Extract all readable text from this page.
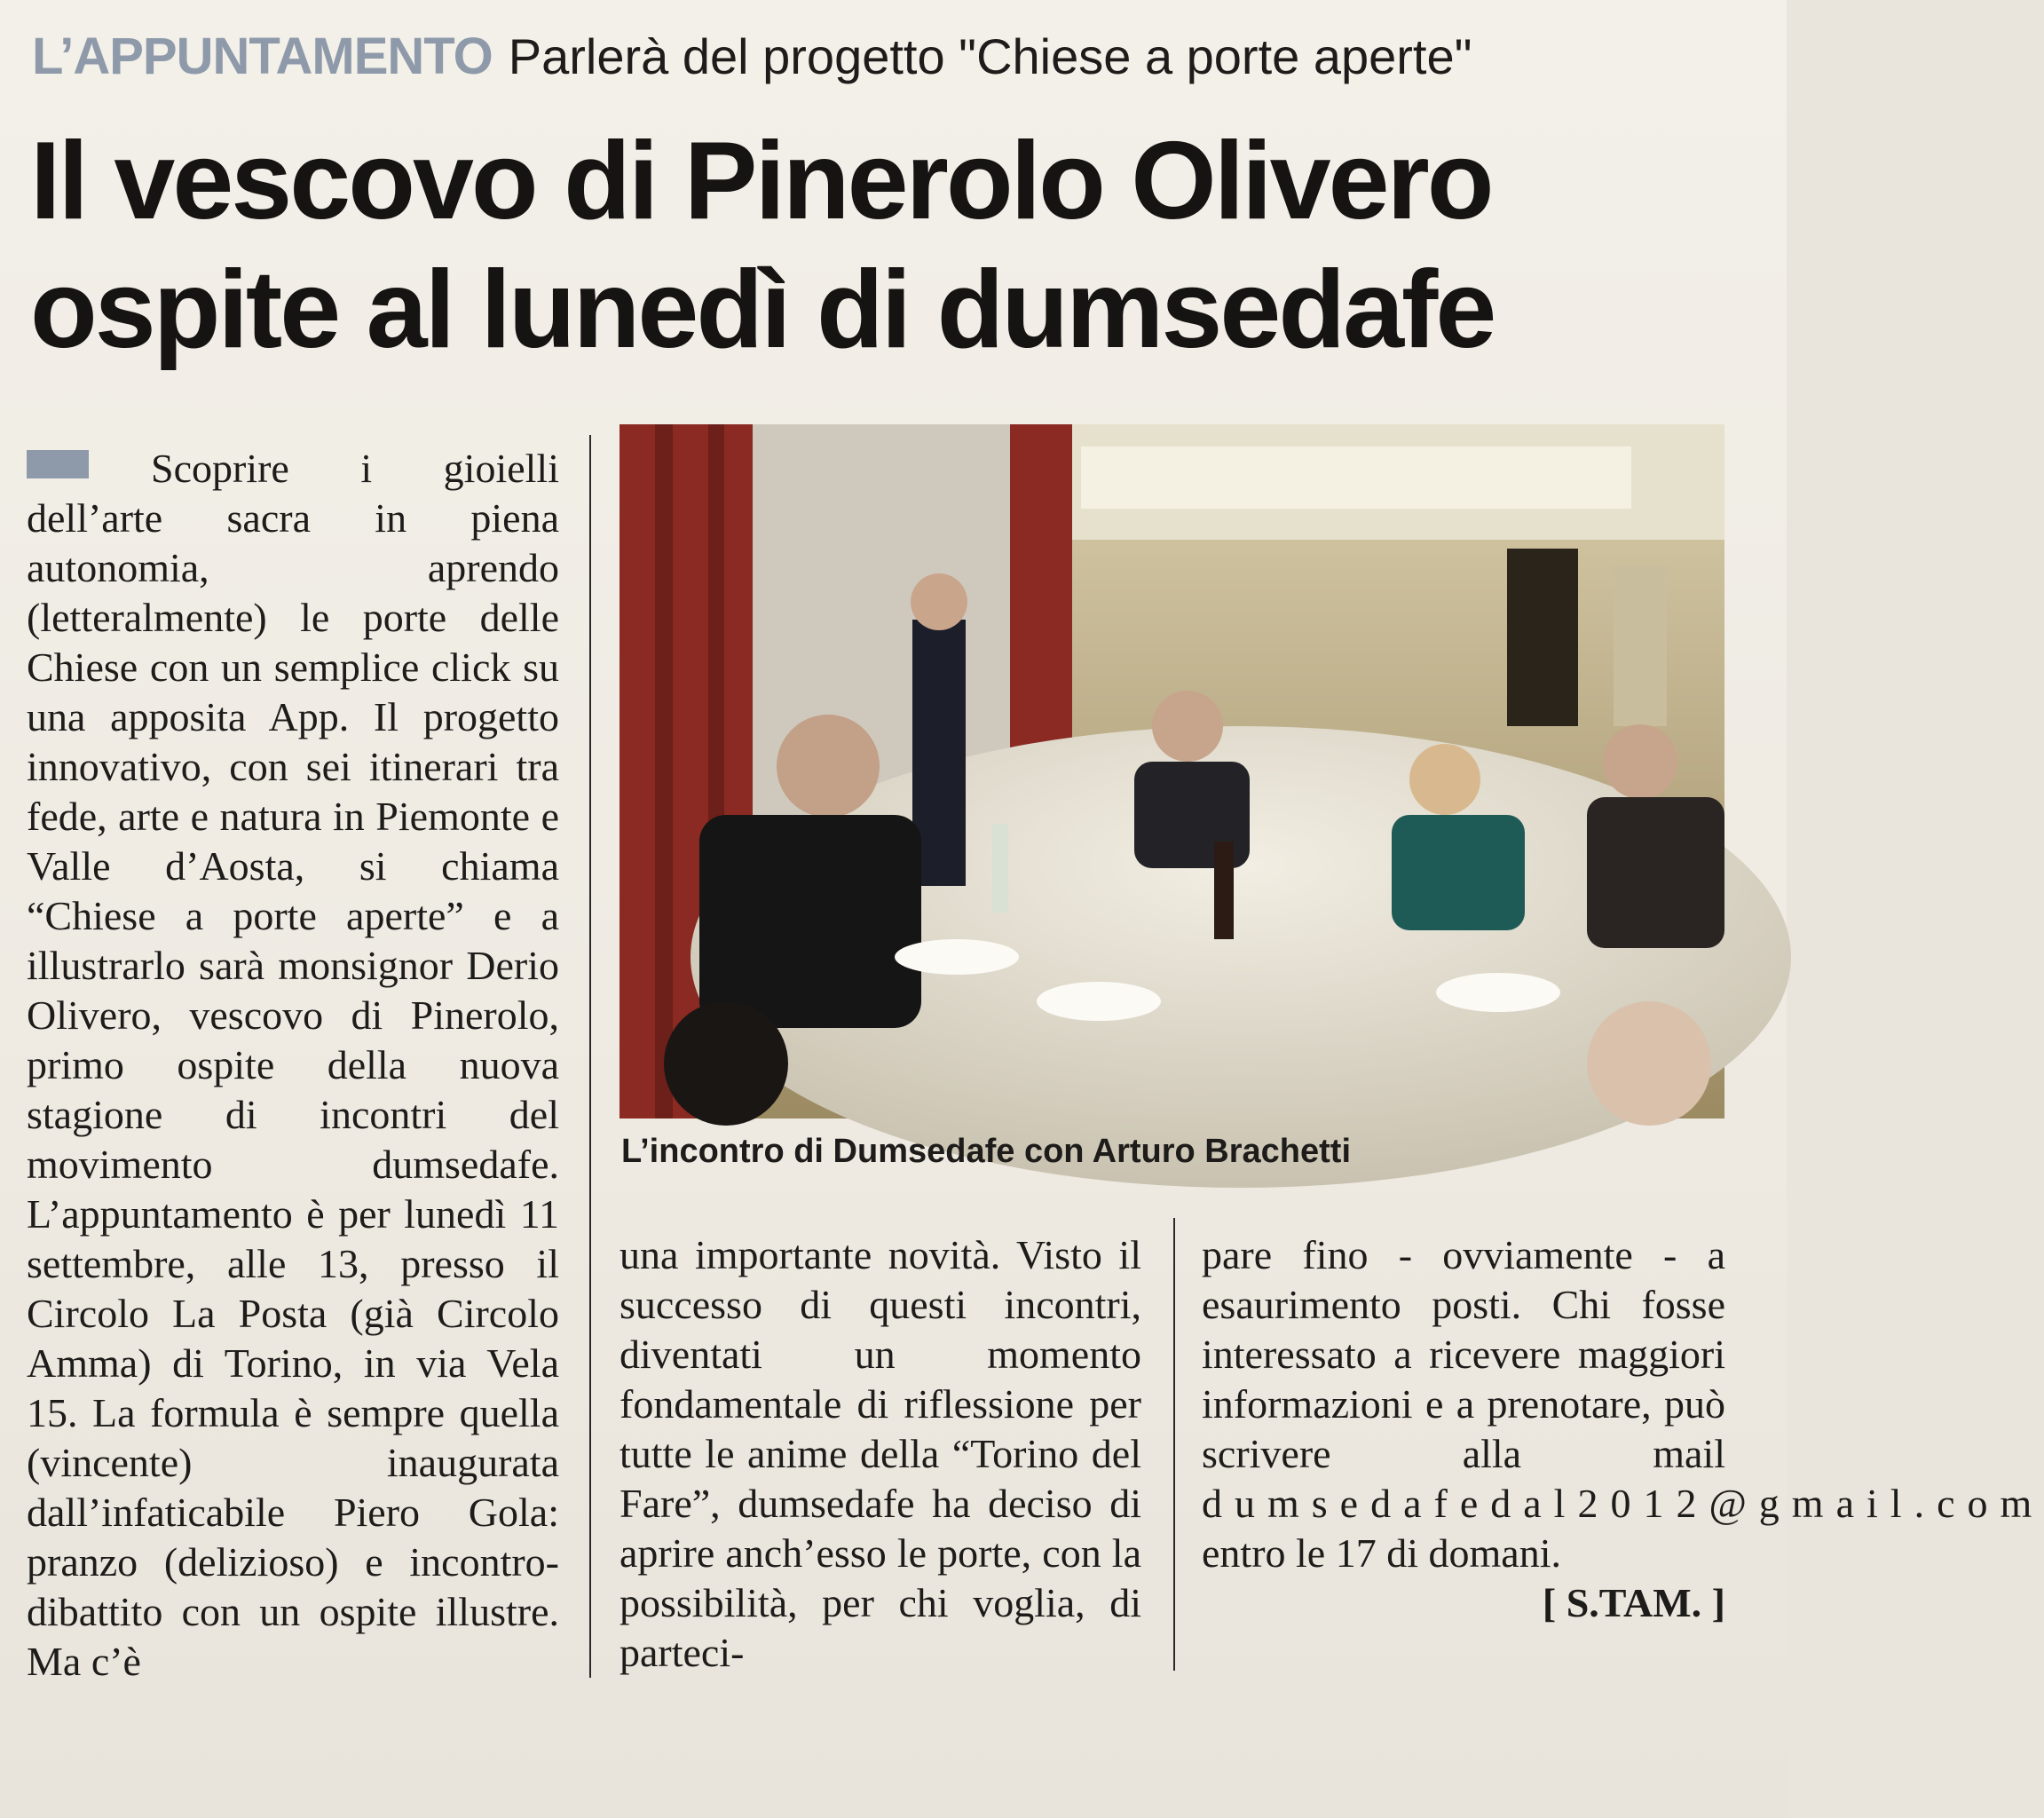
L’APPUNTAMENTO Parlerà del progetto "Chiese a porte aperte"
Il vescovo di Pinerolo Olivero ospite al lunedì di dumsedafe

Scoprire i gioielli dell’arte sacra in piena autonomia, aprendo (letteralmente) le porte delle Chiese con un semplice click su una apposita App. Il progetto innovativo, con sei itinerari tra fede, arte e natura in Piemonte e Valle d’Aosta, si chiama “Chiese a porte aperte” e a illustrarlo sarà monsignor Derio Olivero, vescovo di Pinerolo, primo ospite della nuova stagione di incontri del movimento dumsedafe. L’appuntamento è per lunedì 11 settembre, alle 13, presso il Circolo La Posta (già Circolo Amma) di Torino, in via Vela 15. La formula è sempre quella (vincente) inaugurata dall’infaticabile Piero Gola: pranzo (delizioso) e incontro-dibattito con un ospite illustre. Ma c’è

L’incontro di Dumsedafe con Arturo Brachetti

una importante novità. Visto il successo di questi incontri, diventati un momento fondamentale di riflessione per tutte le anime della “Torino del Fare”, dumsedafe ha deciso di aprire anch’esso le porte, con la possibilità, per chi voglia, di parteci-

pare fino - ovviamente - a esaurimento posti. Chi fosse interessato a ricevere maggiori informazioni e a prenotare, può scrivere alla mail dumsedafedal2012@gmail.com entro le 17 di domani.

[ S.TAM. ]
